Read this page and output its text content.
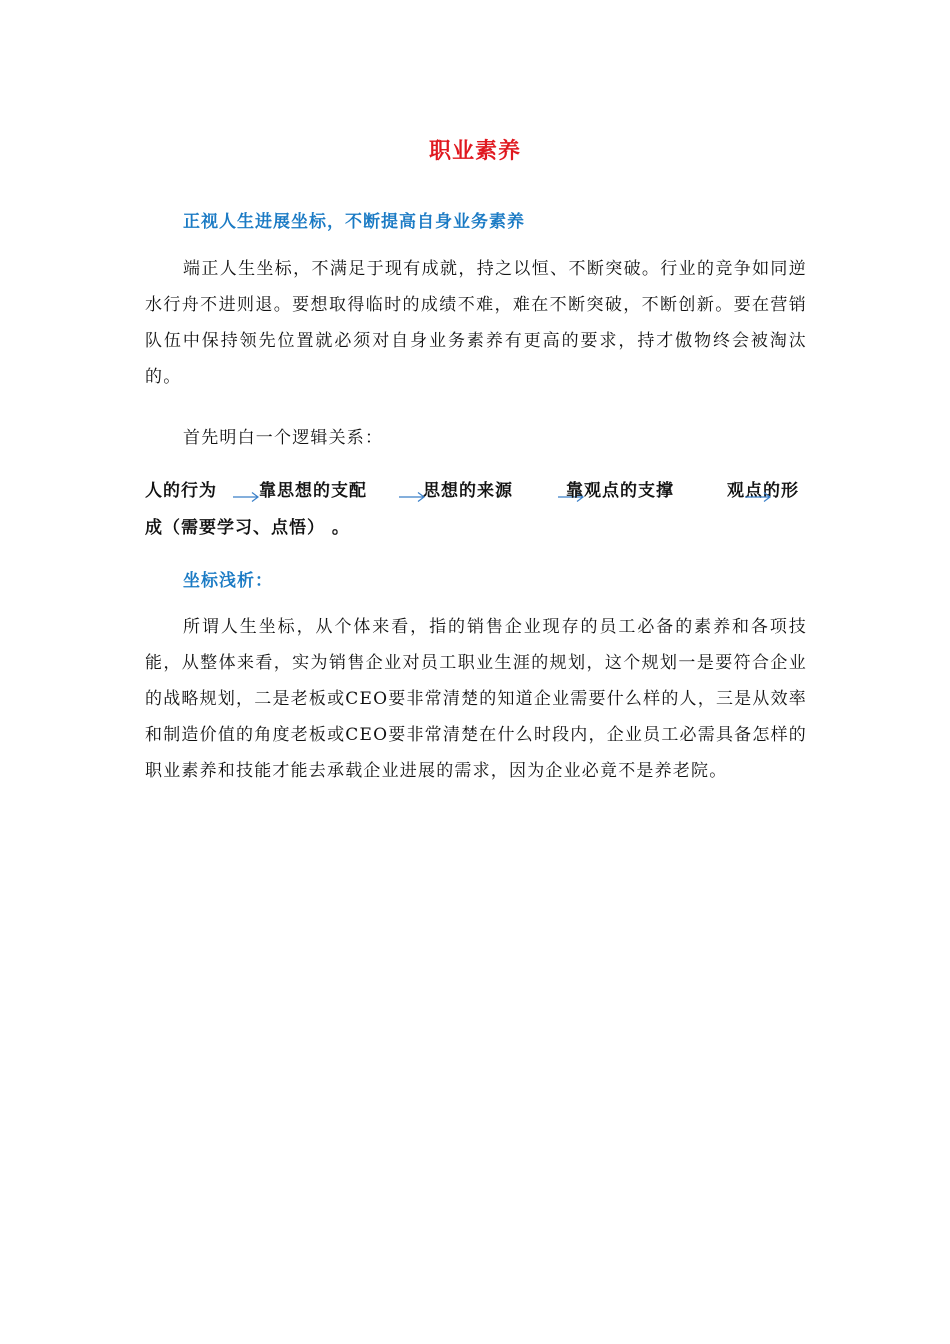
职业素养
正视人生进展坐标，不断提高自身业务素养

端正人生坐标，不满足于现有成就，持之以恒、不断突破。行业的竞争如同逆水行舟不进则退。要想取得临时的成绩不难，难在不断突破，不断创新。要在营销队伍中保持领先位置就必须对自身业务素养有更高的要求，持才傲物终会被淘汰的。

首先明白一个逻辑关系：

人的行为 靠思想的支配	思想的来源	靠观点的支撑	观点的形
成（需要学习、点悟） 。
坐标浅析：

所谓人生坐标，从个体来看，指的销售企业现存的员工必备的素养和各项技能，从整体来看，实为销售企业对员工职业生涯的规划，这个规划一是要符合企业的战略规划，二是老板或CEO要非常清楚的知道企业需要什么样的人，三是从效率和制造价值的角度老板或CEO要非常清楚在什么时段内，企业员工必需具备怎样的职业素养和技能才能去承载企业进展的需求，因为企业必竟不是养老院。
